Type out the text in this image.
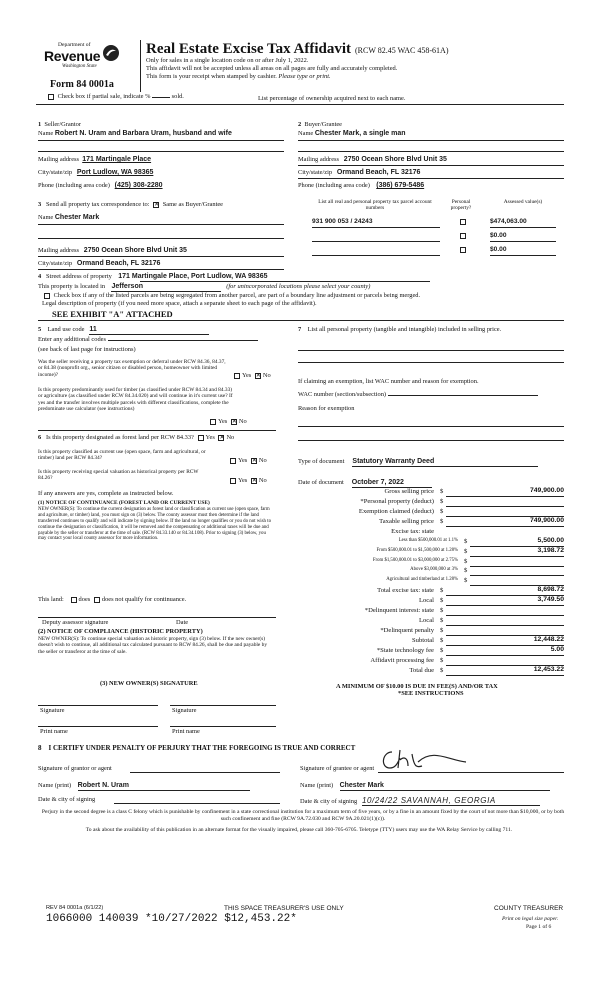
Department of
Revenue
Washington State
Real Estate Excise Tax Affidavit (RCW 82.45 WAC 458-61A)
Only for sales in a single location code on or after July 1, 2022.
This affidavit will not be accepted unless all areas on all pages are fully and accurately completed.
This form is your receipt when stamped by cashier. Please type or print.
Form 84 0001a
Check box if partial sale, indicate %	sold.	List percentage of ownership acquired next to each name.
1 Seller/Grantor
Name Robert N. Uram and Barbara Uram, husband and wife
2 Buyer/Grantee
Name Chester Mark, a single man
Mailing address 171 Martingale Place
City/state/zip Port Ludlow, WA 98365
Phone (including area code) (425) 308-2280
Mailing address 2750 Ocean Shore Blvd Unit 35
City/state/zip Ormand Beach, FL 32176
Phone (including area code) (386) 679-5486
3 Send all property tax correspondence to: ✕ Same as Buyer/Grantee
Name Chester Mark
Mailing address 2750 Ocean Shore Blvd Unit 35
City/state/zip Ormand Beach, FL 32176
List all real and personal property tax parcel account numbers
Personal property?
Assessed value(s)
931 900 053 / 24243	$474,063.00
$0.00
$0.00
4 Street address of property 171 Martingale Place, Port Ludlow, WA 98365
This property is located in Jefferson	(for unincorporated locations please select your county)
Check box if any of the listed parcels are being segregated from another parcel, are part of a boundary line adjustment or parcels being merged.
Legal description of property (if you need more space, attach a separate sheet to each page of the affidavit).
SEE EXHIBIT "A" ATTACHED
5 Land use code 11
Enter any additional codes
(see back of last page for instructions)
Was the seller receiving a property tax exemption or deferral under RCW 84.36, 84.37, or 84.38 (nonprofit org., senior citizen or disabled person, homeowner with limited income)?	Yes ✕ No
Is this property predominantly used for timber (as classified under RCW 84.34 and 84.33) or agriculture (as classified under RCW 84.34.020) and will continue in it's current use? If yes and the transfer involves multiple parcels with different classifications, complete the predominate use calculator (see instructions)
Yes ✕ No
6 Is this property designated as forest land per RCW 84.33? Yes ✕ No
Is this property classified as current use (open space, farm and agricultural, or timber) land per RCW 84.34?	Yes ✕ No
Is this property receiving special valuation as historical property per RCW 84.26?	Yes ✕ No
If any answers are yes, complete as instructed below.
(1) NOTICE OF CONTINUANCE (FOREST LAND OR CURRENT USE)
NEW OWNER(S): To continue the current designation as forest land or classification as current use (open space, farm and agriculture, or timber) land, you must sign on (3) below. The county assessor must then determine if the land transferred continues to qualify and will indicate by signing below. If the land no longer qualifies or you do not wish to continue the designation or classification, it will be removed and the compensating or additional taxes will be due and payable by the seller or transferor at the time of sale. (RCW 84.33.140 or 84.34.108). Prior to signing (3) below, you may contact your local county assessor for more information.
This land: does does not qualify for continuance.
Deputy assessor signature	Date
(2) NOTICE OF COMPLIANCE (HISTORIC PROPERTY)
NEW OWNER(S): To continue special valuation as historic property, sign (3) below. If the new owner(s) doesn't wish to continue, all additional tax calculated pursuant to RCW 84.26, shall be due and payable by the seller or transferor at the time of sale.
(3) NEW OWNER(S) SIGNATURE
Signature	Signature
Print name	Print name
7 List all personal property (tangible and intangible) included in selling price.
If claiming an exemption, list WAC number and reason for exemption.
WAC number (section/subsection)
Reason for exemption
Type of document Statutory Warranty Deed
Date of document October 7, 2022
Gross selling price $	749,900.00
*Personal property (deduct) $
Exemption claimed (deduct) $
Taxable selling price $	749,900.00
Excise tax: state
Less than $500,000.01 at 1.1% $	5,500.00
From $500,000.01 to $1,500,000 at 1.28% $	3,198.72
From $1,500,000.01 to $3,000,000 at 2.75% $
Above $3,000,000 at 3% $
Agricultural and timberland at 1.28% $
Total excise tax: state $	8,698.72
Local $	3,749.50
*Delinquent interest: state $
Local $
*Delinquent penalty $
Subtotal $	12,448.22
*State technology fee $	5.00
Affidavit processing fee $
Total due $	12,453.22
A MINIMUM OF $10.00 IS DUE IN FEE(S) AND/OR TAX
*SEE INSTRUCTIONS
8 I CERTIFY UNDER PENALTY OF PERJURY THAT THE FOREGOING IS TRUE AND CORRECT
Signature of grantor or agent	Signature of grantee or agent
Name (print) Robert N. Uram	Name (print) Chester Mark
Date & city of signing	Date & city of signing 10/24/22 SAVANNAH, GEORGIA
Perjury in the second degree is a class C felony which is punishable by confinement in a state correctional institution for a maximum term of five years, or by a fine in an amount fixed by the court of not more than $10,000, or by both such confinement and fine (RCW 9A.72.030 and RCW 9A.20.021(1)(c)).
To ask about the availability of this publication in an alternate format for the visually impaired, please call 360-705-6705. Teletype (TTY) users may use the WA Relay Service by calling 711.
REV 84 0001a (6/1/22)
1066000 140039 *10/27/2022 $12,453.22*
THIS SPACE TREASURER'S USE ONLY	COUNTY TREASURER
Print on legal size paper.
Page 1 of 6
